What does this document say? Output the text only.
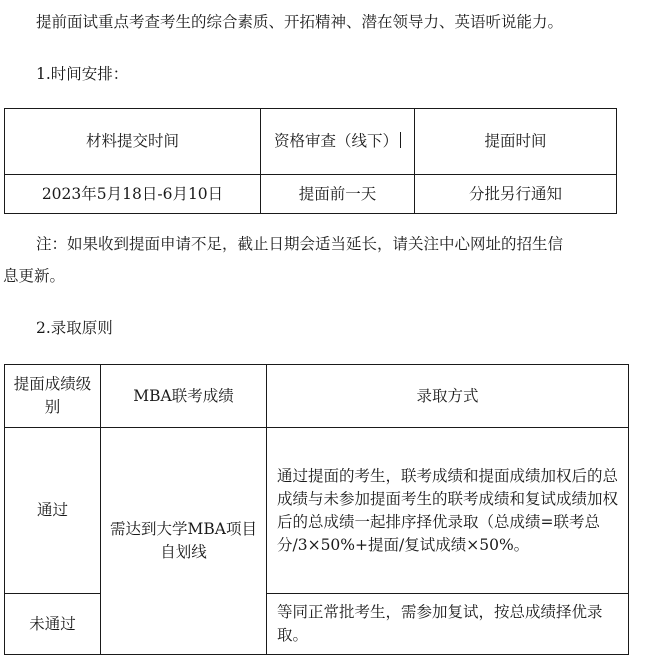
提前面试重点考查考生的综合素质、开拓精神、潜在领导力、英语听说能力。
1.时间安排：
材料提交时间	资格审查（线下）	提面时间
2023年5月18日-6月10日	提面前一天	分批另行通知
注：如果收到提面申请不足，截止日期会适当延长，请关注中心网址的招生信
息更新。
2.录取原则
提面成绩级别	MBA联考成绩	录取方式
通过	需达到大学MBA项目自划线	通过提面的考生，联考成绩和提面成绩加权后的总成绩与未参加提面考生的联考成绩和复试成绩加权后的总成绩一起排序择优录取（总成绩=联考总分/3×50%+提面/复试成绩×50%。
未通过		等同正常批考生，需参加复试，按总成绩择优录取。
